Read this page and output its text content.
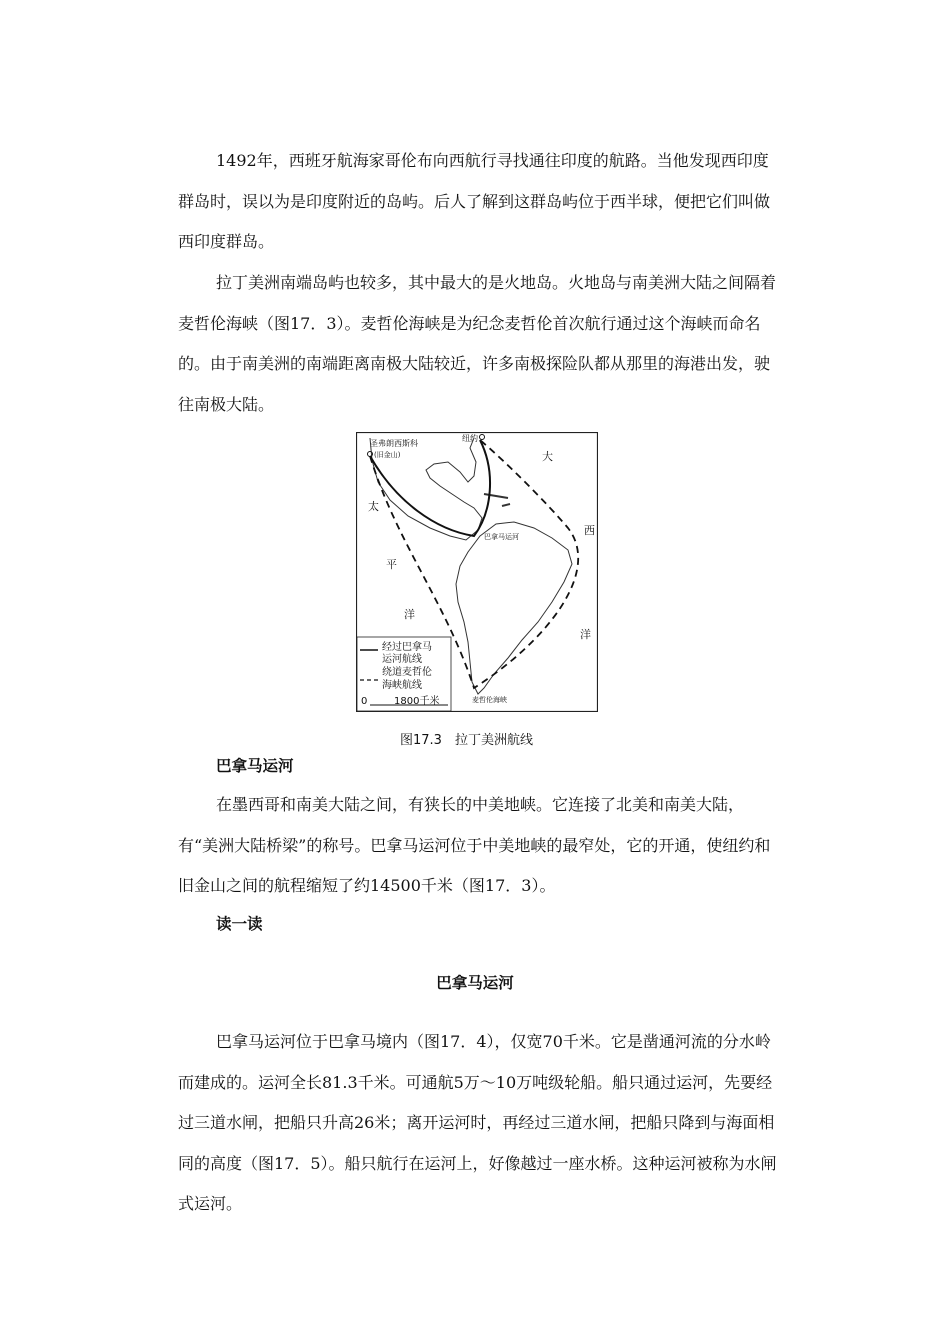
1492年，西班牙航海家哥伦布向西航行寻找通往印度的航路。当他发现西印度群岛时，误以为是印度附近的岛屿。后人了解到这群岛屿位于西半球，便把它们叫做西印度群岛。

拉丁美洲南端岛屿也较多，其中最大的是火地岛。火地岛与南美洲大陆之间隔着麦哲伦海峡（图17．3）。麦哲伦海峡是为纪念麦哲伦首次航行通过这个海峡而命名的。由于南美洲的南端距离南极大陆较近，许多南极探险队都从那里的海港出发，驶往南极大陆。

圣弗朗西斯科
(旧金山)
纽约
大
西
洋
太
平
洋
巴拿马运河
麦哲伦海峡
经过巴拿马
运河航线
绕道麦哲伦
海峡航线
0	1800千米
图17.3　拉丁美洲航线

巴拿马运河

在墨西哥和南美大陆之间，有狭长的中美地峡。它连接了北美和南美大陆，有“美洲大陆桥梁”的称号。巴拿马运河位于中美地峡的最窄处，它的开通，使纽约和旧金山之间的航程缩短了约14500千米（图17．3）。

读一读

巴拿马运河

巴拿马运河位于巴拿马境内（图17．4），仅宽70千米。它是凿通河流的分水岭而建成的。运河全长81.3千米。可通航5万～10万吨级轮船。船只通过运河，先要经过三道水闸，把船只升高26米；离开运河时，再经过三道水闸，把船只降到与海面相同的高度（图17．5）。船只航行在运河上，好像越过一座水桥。这种运河被称为水闸式运河。
